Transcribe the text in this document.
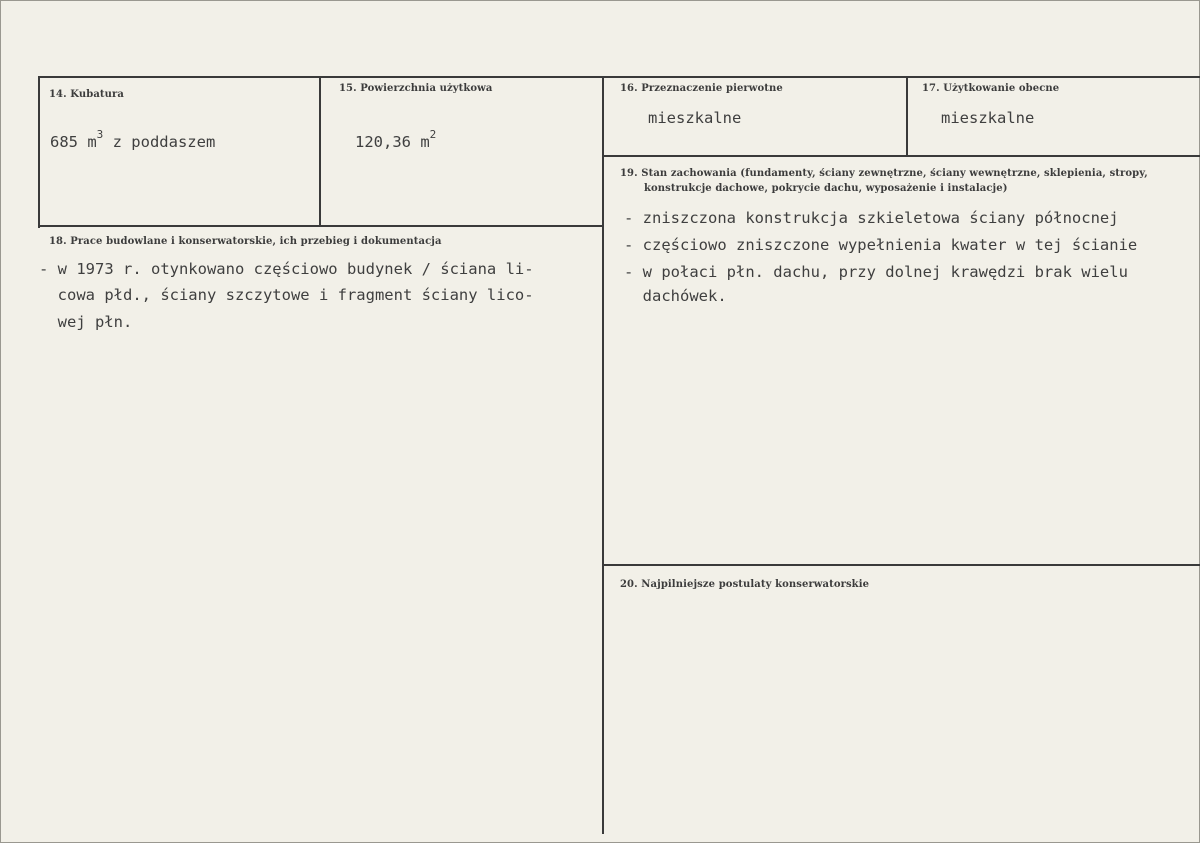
14. Kubatura
685 $m^3$ z poddaszem
15. Powierzchnia użytkowa
120,36 $m^2$
16. Przeznaczenie pierwotne
mieszkalne
17. Użytkowanie obecne
mieszkalne
19. Stan zachowania (fundamenty, ściany zewnętrzne, ściany wewnętrzne, sklepienia, stropy,
konstrukcje dachowe, pokrycie dachu, wyposażenie i instalacje)
- zniszczona konstrukcja szkieletowa ściany północnej
- częściowo zniszczone wypełnienia kwater w tej ścianie
- w połaci płn. dachu, przy dolnej krawędzi brak wielu
dachówek.
18. Prace budowlane i konserwatorskie, ich przebieg i dokumentacja
- w 1973 r. otynkowano częściowo budynek / ściana li-
cowa płd., ściany szczytowe i fragment ściany lico-
wej płn.
20. Najpilniejsze postulaty konserwatorskie
